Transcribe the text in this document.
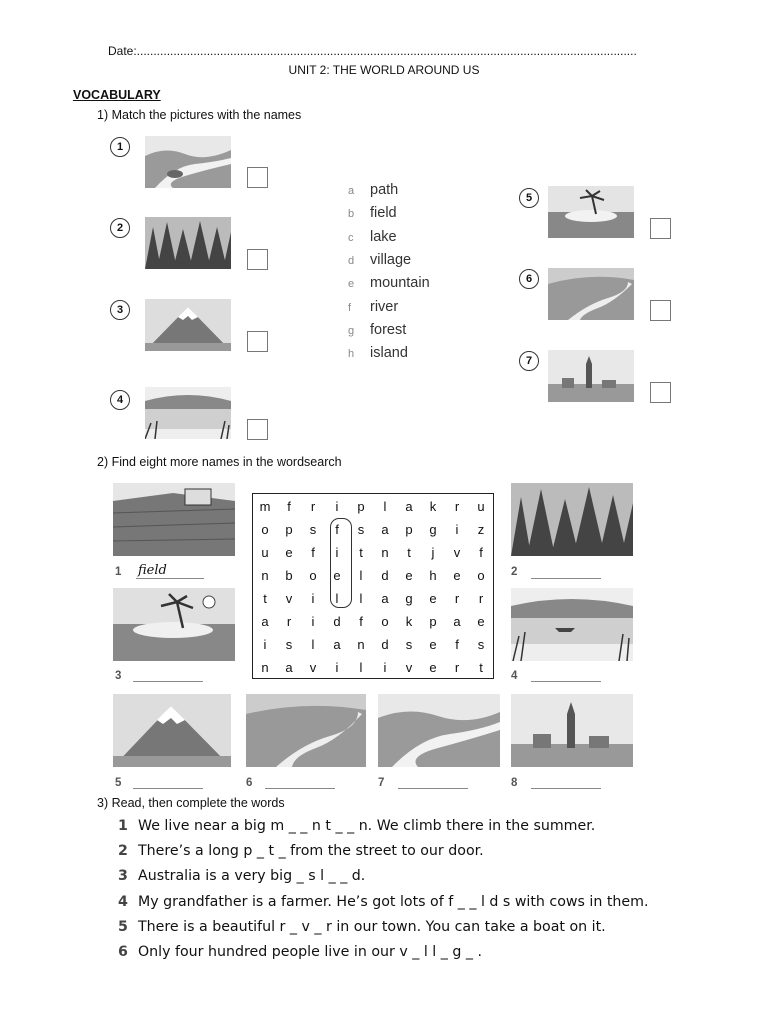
Date:......................................................................................................................................................
UNIT 2: THE WORLD AROUND US
VOCABULARY
1) Match the pictures with the names
1
2
3
4
a	path
b	field
c	lake
d	village
e	mountain
f	river
g	forest
h	island
5
6
7
2) Find eight more names in the wordsearch
1 field	2
3	4
5	6	7	8
m	f	r	i	p	l	a	k	r	u
o	p	s	f	s	a	p	g	i	z
u	e	f	i	t	n	t	j	v	f
n	b	o	e	l	d	e	h	e	o
t	v	i	l	l	a	g	e	r	r
a	r	i	d	f	o	k	p	a	e
i	s	l	a	n	d	s	e	f	s
n	a	v	i	l	i	v	e	r	t
3) Read, then complete the words
1 We live near a big m _ _ n t _ _ n. We climb there in the summer.
2 There’s a long p _ t _ from the street to our door.
3 Australia is a very big _ s l _ _ d.
4 My grandfather is a farmer. He’s got lots of f _ _ l d s with cows in them.
5 There is a beautiful r _ v _ r in our town. You can take a boat on it.
6 Only four hundred people live in our v _ l l _ g _ .
